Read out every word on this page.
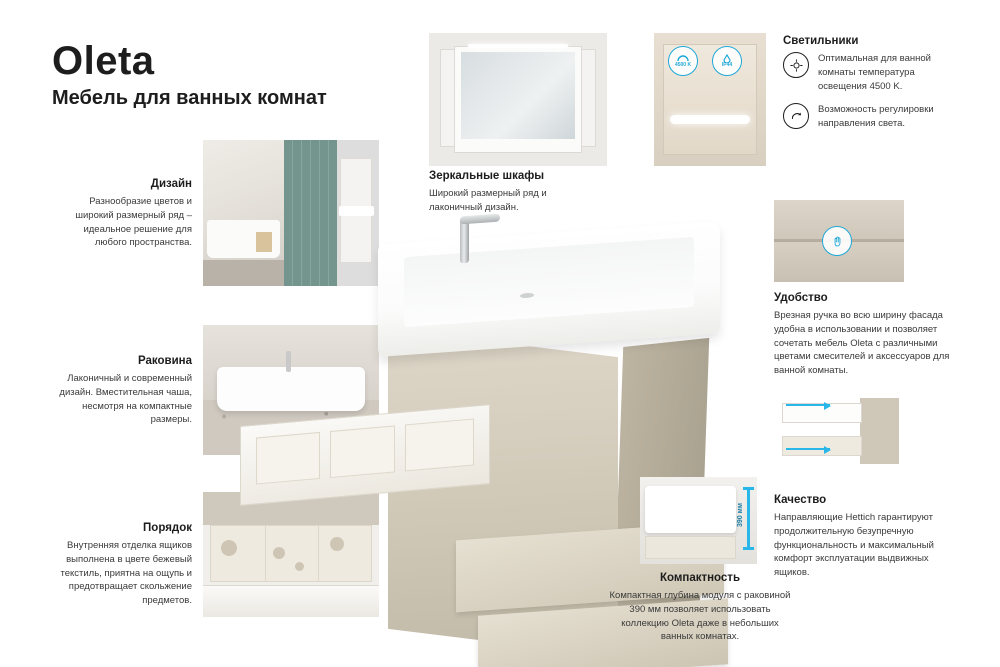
Oleta
Мебель для ванных комнат
Дизайн

Разнообразие цветов и широкий размерный ряд – идеальное решение для любого пространства.

Раковина

Лаконичный и современный дизайн. Вместительная чаша, несмотря на компактные размеры.

Порядок

Внутренняя отделка ящиков выполнена в цвете бежевый текстиль, приятна на ощупь и предотвращает скольжение предметов.

Зеркальные шкафы

Широкий размерный ряд и лаконичный дизайн.

4500 K	IP44
Светильники

Оптимальная для ванной комнаты температура освещения 4500 K.

Возможность регулировки направления света.

Удобство

Врезная ручка во всю ширину фасада удобна в использовании и позволяет сочетать мебель Oleta с различными цветами смесителей и аксессуаров для ванной комнаты.

Качество

Направляющие Hettich гарантируют продолжительную безупречную функциональность и максимальный комфорт эксплуатации выдвижных ящиков.

390 мм
Компактность

Компактная глубина модуля с раковиной 390 мм позволяет использовать коллекцию Oleta даже в небольших ванных комнатах.
